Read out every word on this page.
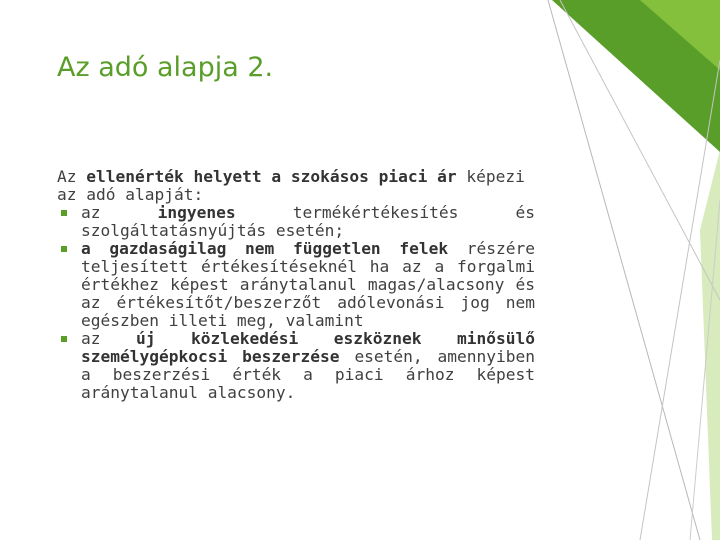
Az adó alapja 2.

Az ellenérték helyett a szokásos piaci ár képezi az adó alapját:

az ingyenes termékértékesítés és szolgáltatásnyújtás esetén;
a gazdaságilag nem független felek részére teljesített értékesítéseknél ha az a forgalmi értékhez képest aránytalanul magas/alacsony és az értékesítőt/beszerzőt adólevonási jog nem egészben illeti meg, valamint
az új közlekedési eszköznek minősülő személygépkocsi beszerzése esetén, amennyiben a beszerzési érték a piaci árhoz képest aránytalanul alacsony.
